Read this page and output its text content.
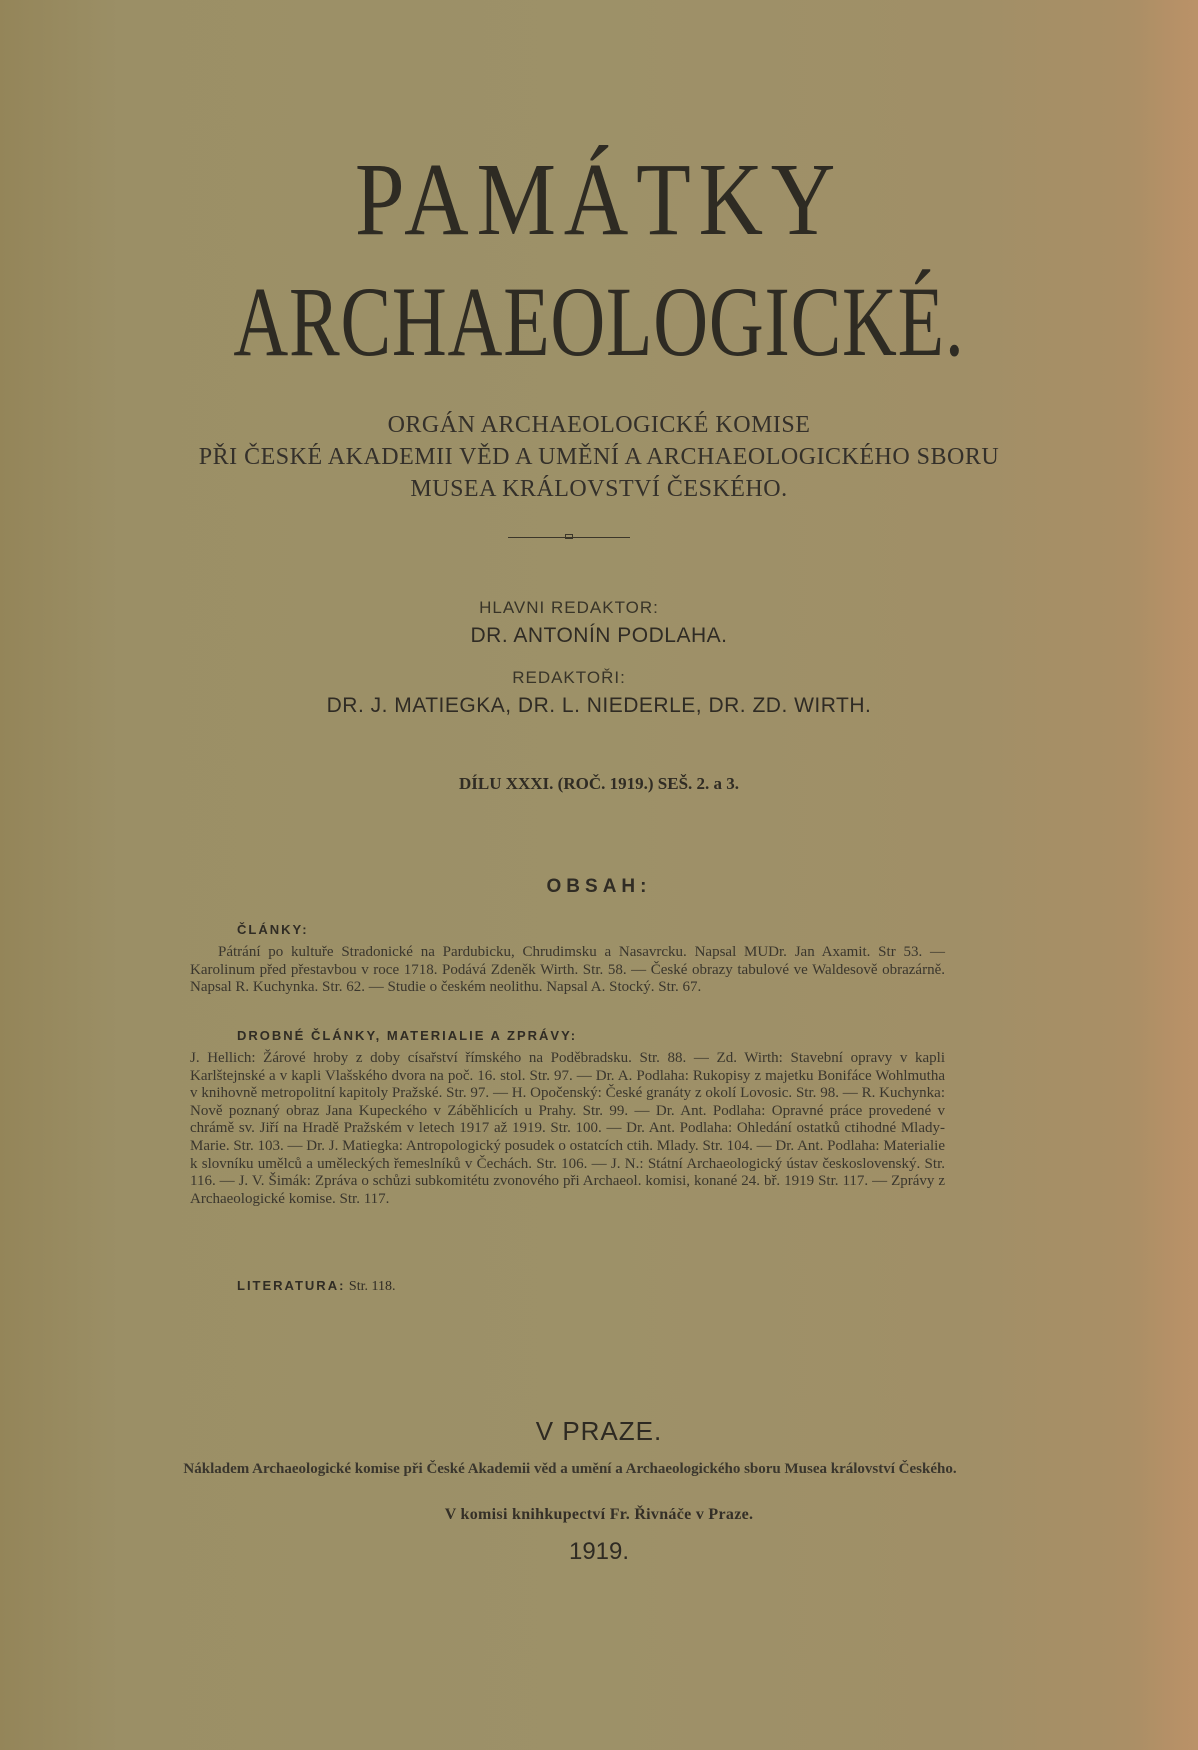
PAMÁTKY
ARCHAEOLOGICKÉ.
ORGÁN ARCHAEOLOGICKÉ KOMISE
PŘI ČESKÉ AKADEMII VĚD A UMĚNÍ A ARCHAEOLOGICKÉHO SBORU
MUSEA KRÁLOVSTVÍ ČESKÉHO.
HLAVNI REDAKTOR:
DR. ANTONÍN PODLAHA.
REDAKTOŘI:
DR. J. MATIEGKA, DR. L. NIEDERLE, DR. ZD. WIRTH.
DÍLU XXXI. (ROČ. 1919.) SEŠ. 2. a 3.
OBSAH:
ČLÁNKY:
Pátrání po kultuře Stradonické na Pardubicku, Chrudimsku a Nasavrcku. Napsal MUDr. Jan Axamit. Str 53. — Karolinum před přestavbou v roce 1718. Podává Zdeněk Wirth. Str. 58. — České obrazy tabulové ve Waldesově obrazárně. Napsal R. Kuchynka. Str. 62. — Studie o českém neolithu. Napsal A. Stocký. Str. 67.
DROBNÉ ČLÁNKY, MATERIALIE A ZPRÁVY:
J. Hellich: Žárové hroby z doby císařství římského na Poděbradsku. Str. 88. — Zd. Wirth: Stavební opravy v kapli Karlštejnské a v kapli Vlašského dvora na poč. 16. stol. Str. 97. — Dr. A. Podlaha: Rukopisy z majetku Bonifáce Wohlmutha v knihovně metropolitní kapitoly Pražské. Str. 97. — H. Opočenský: České granáty z okolí Lovosic. Str. 98. — R. Kuchynka: Nově poznaný obraz Jana Kupeckého v Záběhlicích u Prahy. Str. 99. — Dr. Ant. Podlaha: Opravné práce provedené v chrámě sv. Jiří na Hradě Pražském v letech 1917 až 1919. Str. 100. — Dr. Ant. Podlaha: Ohledání ostatků ctihodné Mlady-Marie. Str. 103. — Dr. J. Matiegka: Antropologický posudek o ostatcích ctih. Mlady. Str. 104. — Dr. Ant. Podlaha: Materialie k slovníku umělců a uměleckých řemeslníků v Čechách. Str. 106. — J. N.: Státní Archaeologický ústav československý. Str. 116. — J. V. Šimák: Zpráva o schůzi subkomitétu zvonového při Archaeol. komisi, konané 24. bř. 1919 Str. 117. — Zprávy z Archaeologické komise. Str. 117.
LITERATURA: Str. 118.
V PRAZE.
Nákladem Archaeologické komise při České Akademii věd a umění a Archaeologického sboru Musea království Českého.
V komisi knihkupectví Fr. Řivnáče v Praze.
1919.
